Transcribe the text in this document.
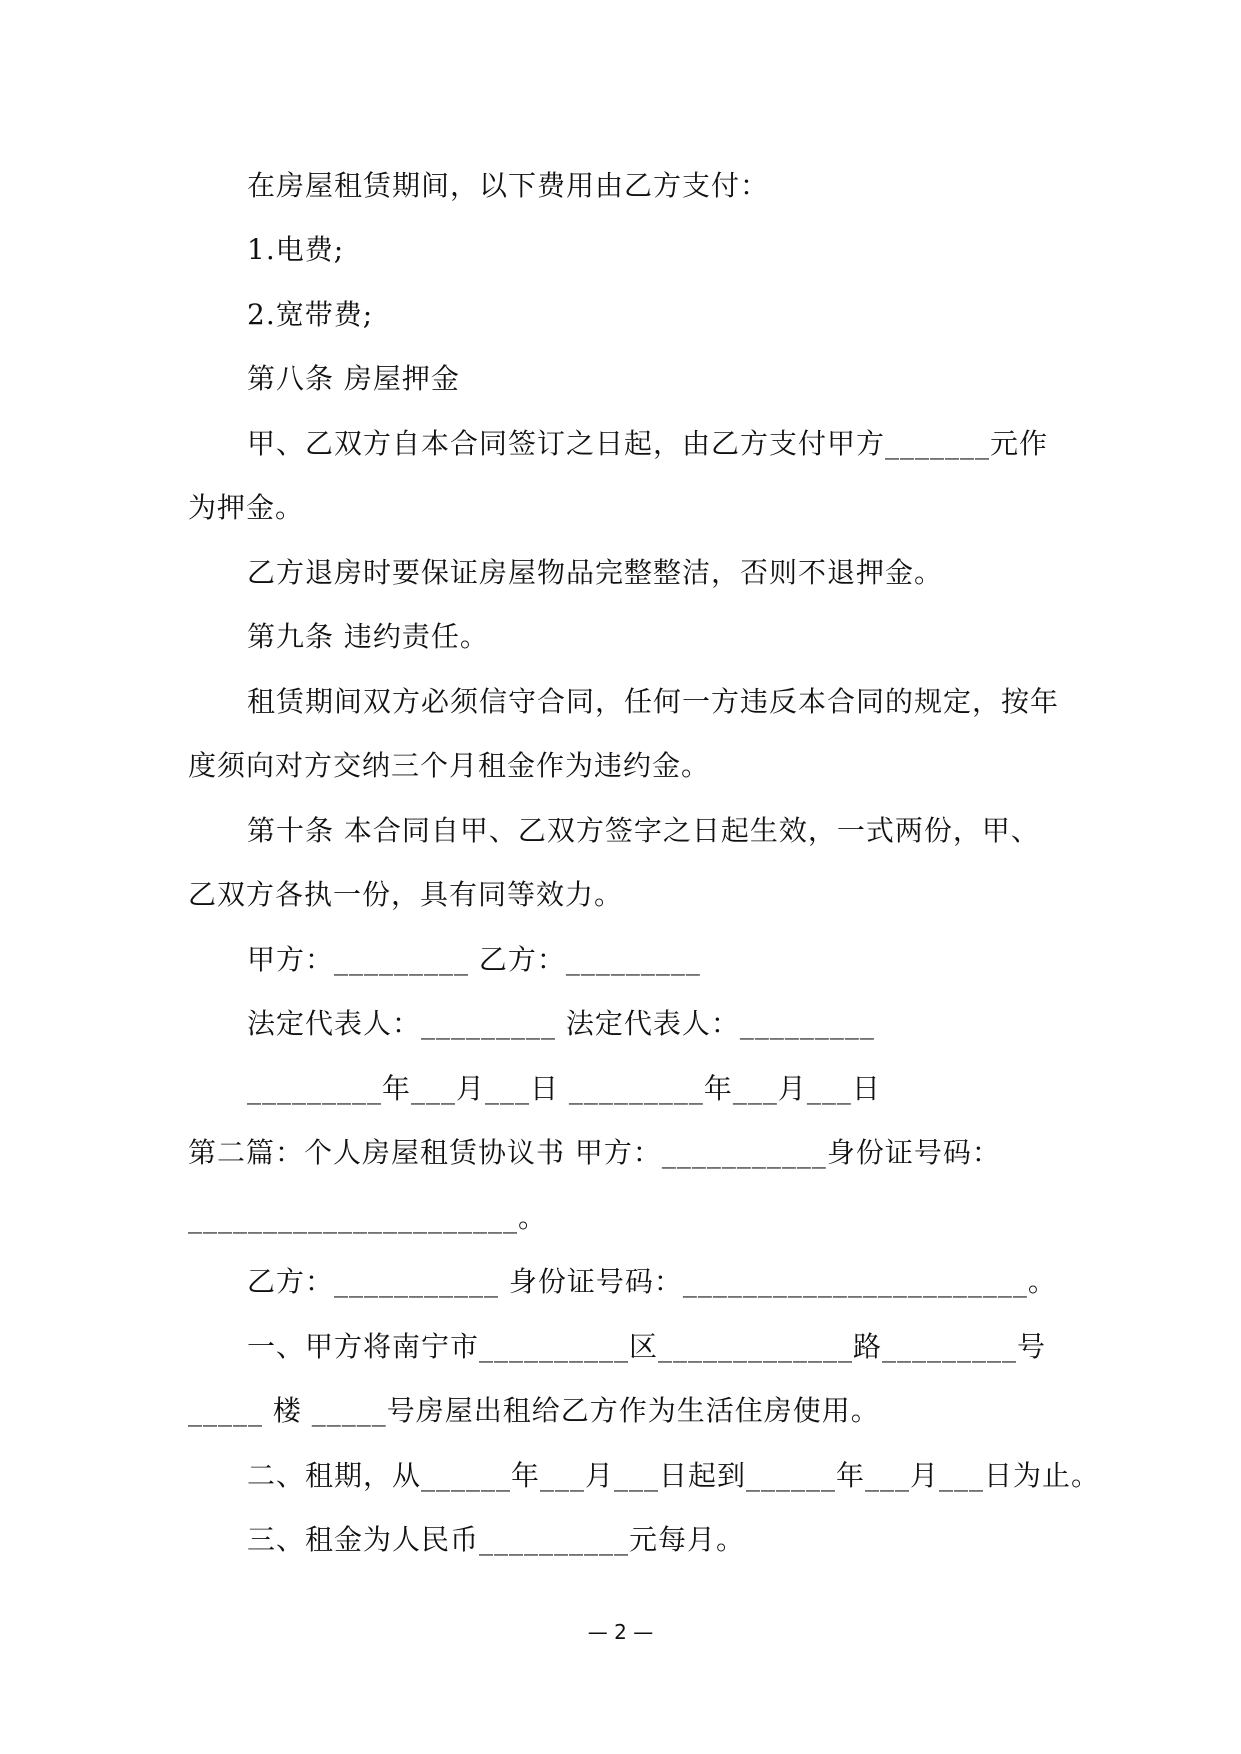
在房屋租赁期间，以下费用由乙方支付：
1.电费;
2.宽带费;
第八条 房屋押金
甲、乙双方自本合同签订之日起，由乙方支付甲方_______元作
为押金。
乙方退房时要保证房屋物品完整整洁，否则不退押金。
第九条 违约责任。
租赁期间双方必须信守合同，任何一方违反本合同的规定，按年
度须向对方交纳三个月租金作为违约金。
第十条 本合同自甲、乙双方签字之日起生效，一式两份，甲、
乙双方各执一份，具有同等效力。
甲方：_________ 乙方：_________
法定代表人：_________ 法定代表人：_________
_________年___月___日 _________年___月___日
第二篇：个人房屋租赁协议书 甲方：___________身份证号码：
______________________。
乙方：___________ 身份证号码：_______________________。
一、甲方将南宁市__________区_____________路_________号
_____ 楼 _____号房屋出租给乙方作为生活住房使用。
二、租期，从______年___月___日起到______年___月___日为止。
三、租金为人民币__________元每月。
— 2 —
